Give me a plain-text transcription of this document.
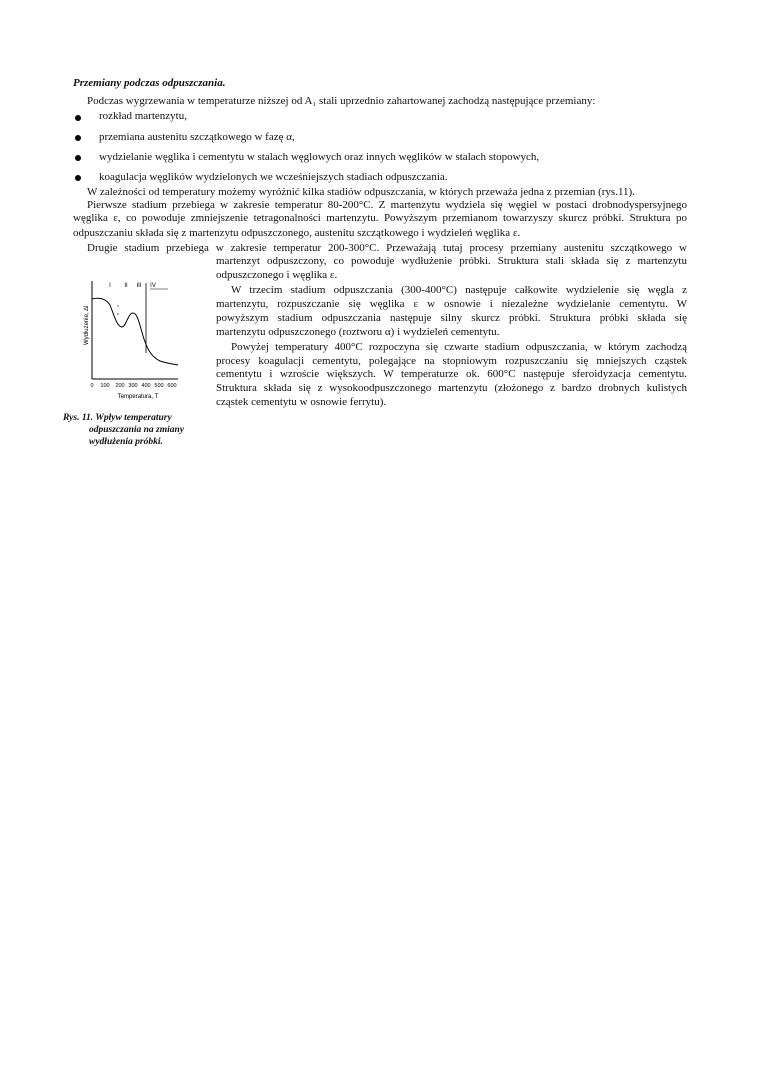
Przemiany podczas odpuszczania.
Podczas wygrzewania w temperaturze niższej od A₁ stali uprzednio zahartowanej zachodzą następujące przemiany:
rozkład martenzytu,
przemiana austenitu szczątkowego w fazę α,
wydzielanie węglika i cementytu w stalach węglowych oraz innych węglików w stalach stopowych,
koagulacja węglików wydzielonych we wcześniejszych stadiach odpuszczania.
W zależności od temperatury możemy wyróżnić kilka stadiów odpuszczania, w których przeważa jedna z przemian (rys.11).
Pierwsze stadium przebiega w zakresie temperatur 80-200°C. Z martenzytu wydziela się węgiel w postaci drobnodyspersyjnego
węglika ε, co powoduje zmniejszenie tetragonalności martenzytu. Powyższym przemianom towarzyszy skurcz próbki. Struktura po
odpuszczaniu składa się z martenzytu odpuszczonego, austenitu szczątkowego i wydzieleń węglika ε.
Drugie stadium przebiega w zakresie temperatur 200-300°C. Przeważają tutaj procesy przemiany austenitu szczątkowego w
martenzyt odpuszczony, co powoduje wydłużenie próbki. Struktura stali składa się z martenzytu
odpuszczonego i węglika ε.
W trzecim stadium odpuszczania (300-400°C) następuje całkowite wydzielenie się węgla z
martenzytu, rozpuszczanie się węglika ε w osnowie i niezależne wydzielanie cementytu. W
powyższym stadium odpuszczania następuje silny skurcz próbki. Struktura próbki składa się
martenzytu odpuszczonego (roztworu α) i wydzieleń cementytu.
Powyżej temperatury 400°C rozpoczyna się czwarte stadium odpuszczania, w którym zachodzą
procesy koagulacji cementytu, polegające na stopniowym rozpuszczaniu się mniejszych cząstek
cementytu i wzroście większych. W temperaturze ok. 600°C następuje sferoidyzacja cementytu.
Struktura składa się z wysokoodpuszczonego martenzytu (złożonego z bardzo drobnych kulistych
cząstek cementytu w osnowie ferrytu).
I II III IV
Wydłużenie, ∆l
0 100 200 300 400 500 600
Temperatura, T
Rys. 11. Wpływ temperatury
odpuszczania na zmiany
wydłużenia próbki.
